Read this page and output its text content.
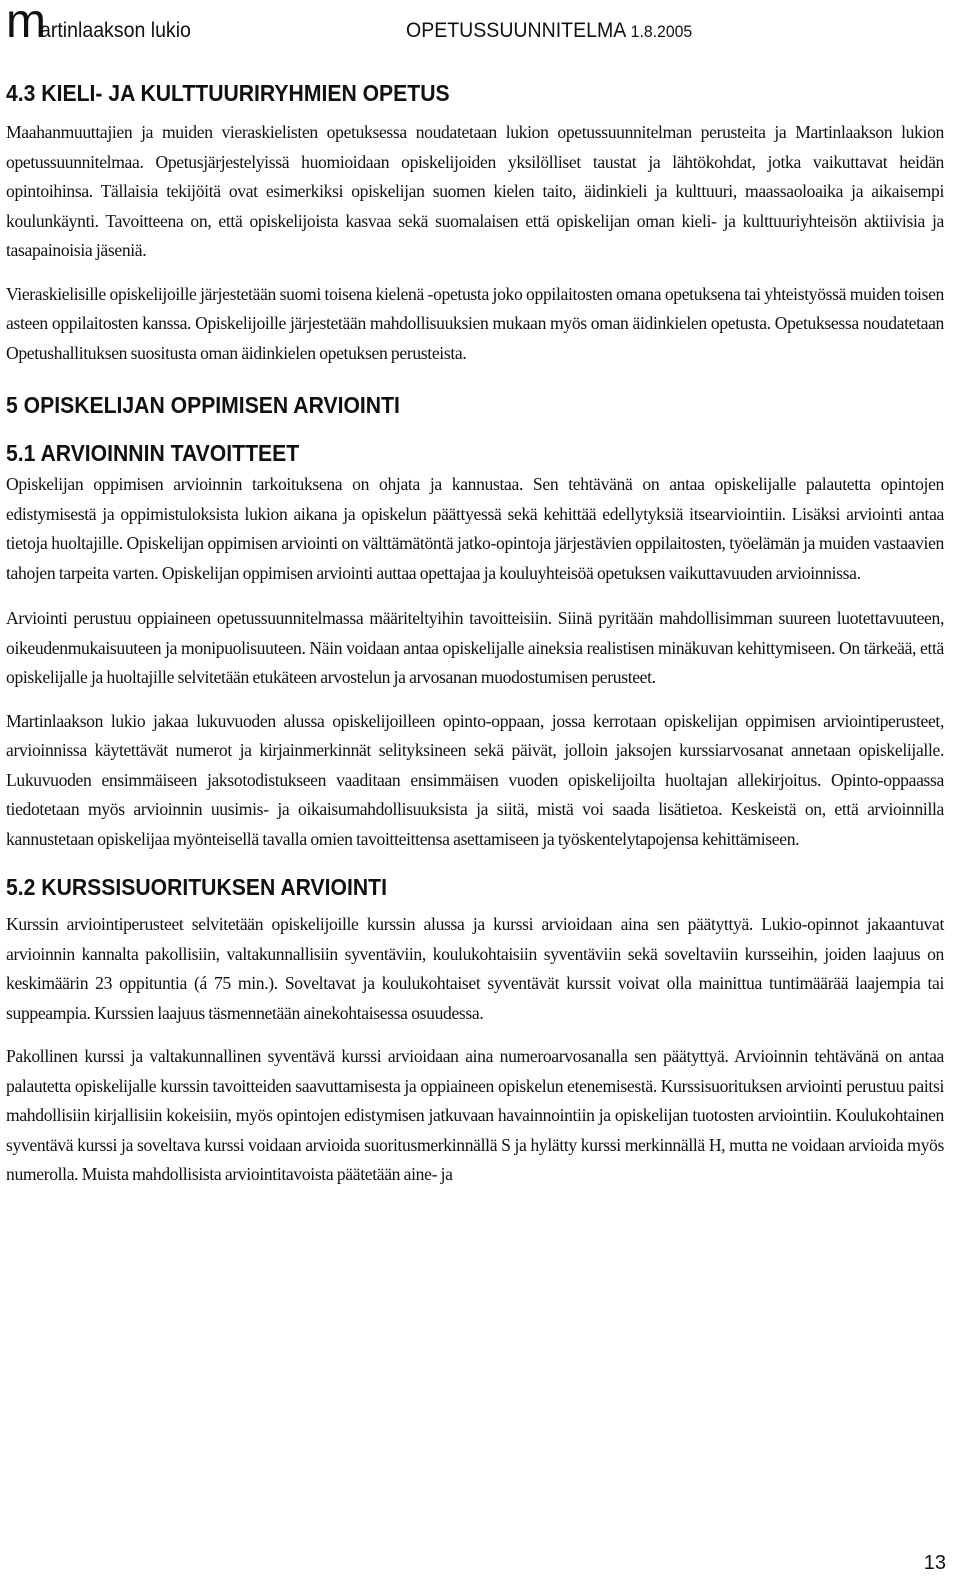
m
artinlaakson lukio	OPETUSSUUNNITELMA 1.8.2005
4.3 KIELI- JA KULTTUURIRYHMIEN OPETUS

Maahanmuuttajien ja muiden vieraskielisten opetuksessa noudatetaan lukion opetussuunnitelman perusteita ja Martinlaakson lukion opetussuunnitelmaa. Opetusjärjestelyissä huomioidaan opiskelijoiden yksilölliset taustat ja lähtökohdat, jotka vaikuttavat heidän opintoihinsa. Tällaisia tekijöitä ovat esimerkiksi opiskelijan suomen kielen taito, äidinkieli ja kulttuuri, maassaoloaika ja aikaisempi koulunkäynti. Tavoitteena on, että opiskelijoista kasvaa sekä suomalaisen että opiskelijan oman kieli- ja kulttuuriyhteisön aktiivisia ja tasapainoisia jäseniä.

Vieraskielisille opiskelijoille järjestetään suomi toisena kielenä -opetusta joko oppilaitosten omana opetuksena tai yhteistyössä muiden toisen asteen oppilaitosten kanssa. Opiskelijoille järjestetään mahdollisuuksien mukaan myös oman äidinkielen opetusta. Opetuksessa noudatetaan Opetushallituksen suositusta oman äidinkielen opetuksen perusteista.

5 OPISKELIJAN OPPIMISEN ARVIOINTI
5.1 ARVIOINNIN TAVOITTEET

Opiskelijan oppimisen arvioinnin tarkoituksena on ohjata ja kannustaa. Sen tehtävänä on antaa opiskelijalle palautetta opintojen edistymisestä ja oppimistuloksista lukion aikana ja opiskelun päättyessä sekä kehittää edellytyksiä itsearviointiin. Lisäksi arviointi antaa tietoja huoltajille. Opiskelijan oppimisen arviointi on välttämätöntä jatko-opintoja järjestävien oppilaitosten, työelämän ja muiden vastaavien tahojen tarpeita varten. Opiskelijan oppimisen arviointi auttaa opettajaa ja kouluyhteisöä opetuksen vaikuttavuuden arvioinnissa.

Arviointi perustuu oppiaineen opetussuunnitelmassa määriteltyihin tavoitteisiin. Siinä pyritään mahdollisimman suureen luotettavuuteen, oikeudenmukaisuuteen ja monipuolisuuteen. Näin voidaan antaa opiskelijalle aineksia realistisen minäkuvan kehittymiseen. On tärkeää, että opiskelijalle ja huoltajille selvitetään etukäteen arvostelun ja arvosanan muodostumisen perusteet.

Martinlaakson lukio jakaa lukuvuoden alussa opiskelijoilleen opinto-oppaan, jossa kerrotaan opiskelijan oppimisen arviointiperusteet, arvioinnissa käytettävät numerot ja kirjainmerkinnät selityksineen sekä päivät, jolloin jaksojen kurssiarvosanat annetaan opiskelijalle. Lukuvuoden ensimmäiseen jaksotodistukseen vaaditaan ensimmäisen vuoden opiskelijoilta huoltajan allekirjoitus. Opinto-oppaassa tiedotetaan myös arvioinnin uusimis- ja oikaisumahdollisuuksista ja siitä, mistä voi saada lisätietoa. Keskeistä on, että arvioinnilla kannustetaan opiskelijaa myönteisellä tavalla omien tavoitteittensa asettamiseen ja työskentelytapojensa kehittämiseen.

5.2 KURSSISUORITUKSEN ARVIOINTI

Kurssin arviointiperusteet selvitetään opiskelijoille kurssin alussa ja kurssi arvioidaan aina sen päätyttyä. Lukio-opinnot jakaantuvat arvioinnin kannalta pakollisiin, valtakunnallisiin syventäviin, koulukohtaisiin syventäviin sekä soveltaviin kursseihin, joiden laajuus on keskimäärin 23 oppituntia (á 75 min.). Soveltavat ja koulukohtaiset syventävät kurssit voivat olla mainittua tuntimäärää laajempia tai suppeampia. Kurssien laajuus täsmennetään ainekohtaisessa osuudessa.

Pakollinen kurssi ja valtakunnallinen syventävä kurssi arvioidaan aina numeroarvosanalla sen päätyttyä. Arvioinnin tehtävänä on antaa palautetta opiskelijalle kurssin tavoitteiden saavuttamisesta ja oppiaineen opiskelun etenemisestä. Kurssisuorituksen arviointi perustuu paitsi mahdollisiin kirjallisiin kokeisiin, myös opintojen edistymisen jatkuvaan havainnointiin ja opiskelijan tuotosten arviointiin. Koulukohtainen syventävä kurssi ja soveltava kurssi voidaan arvioida suoritusmerkinnällä S ja hylätty kurssi merkinnällä H, mutta ne voidaan arvioida myös numerolla. Muista mahdollisista arviointitavoista päätetään aine- ja

13
